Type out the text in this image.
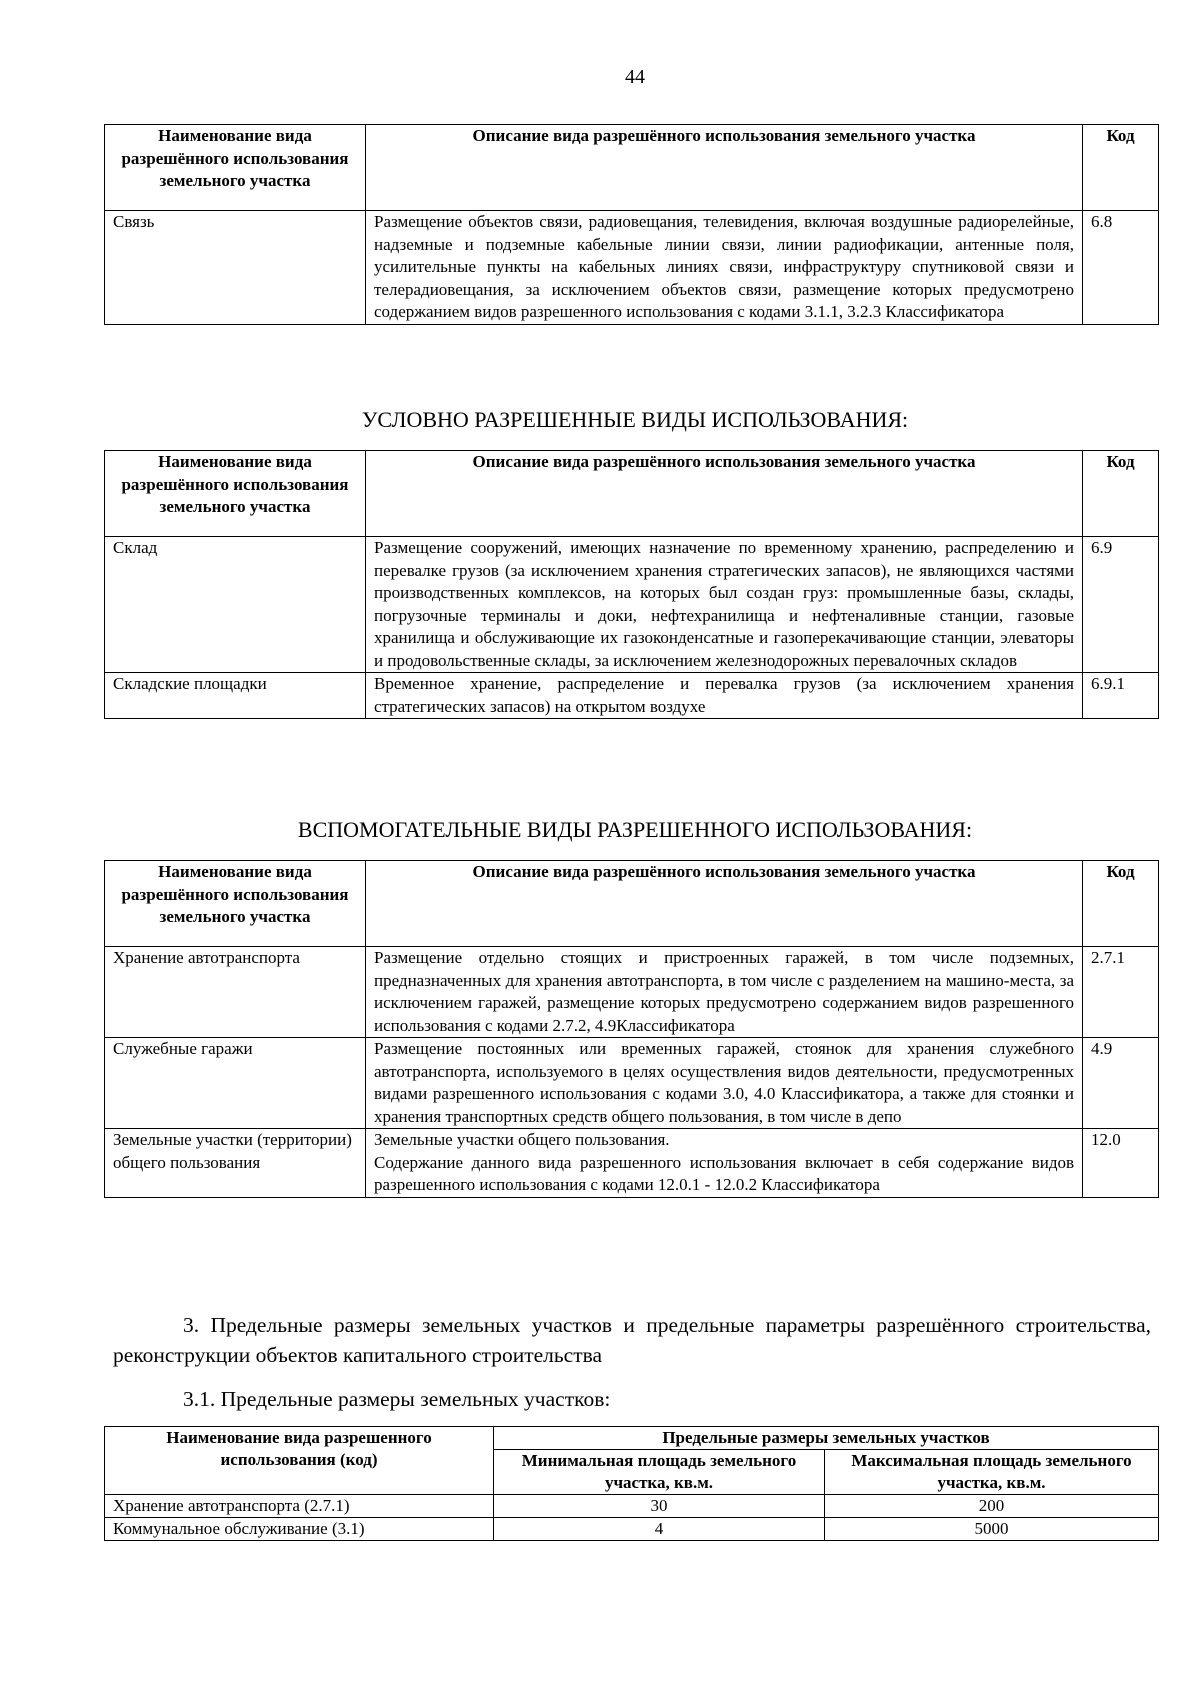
44
Наименование вида разрешённого использования земельного участка	Описание вида разрешённого использования земельного участка	Код
Связь	Размещение объектов связи, радиовещания, телевидения, включая воздушные радиорелейные, надземные и подземные кабельные линии связи, линии радиофикации, антенные поля, усилительные пункты на кабельных линиях связи, инфраструктуру спутниковой связи и телерадиовещания, за исключением объектов связи, размещение которых предусмотрено содержанием видов разрешенного использования с кодами 3.1.1, 3.2.3 Классификатора	6.8
УСЛОВНО РАЗРЕШЕННЫЕ ВИДЫ ИСПОЛЬЗОВАНИЯ:
Наименование вида разрешённого использования земельного участка	Описание вида разрешённого использования земельного участка	Код
Склад	Размещение сооружений, имеющих назначение по временному хранению, распределению и перевалке грузов (за исключением хранения стратегических запасов), не являющихся частями производственных комплексов, на которых был создан груз: промышленные базы, склады, погрузочные терминалы и доки, нефтехранилища и нефтеналивные станции, газовые хранилища и обслуживающие их газоконденсатные и газоперекачивающие станции, элеваторы и продовольственные склады, за исключением железнодорожных перевалочных складов	6.9
Складские площадки	Временное хранение, распределение и перевалка грузов (за исключением хранения стратегических запасов) на открытом воздухе	6.9.1
ВСПОМОГАТЕЛЬНЫЕ ВИДЫ РАЗРЕШЕННОГО ИСПОЛЬЗОВАНИЯ:
Наименование вида разрешённого использования земельного участка	Описание вида разрешённого использования земельного участка	Код
Хранение автотранспорта	Размещение отдельно стоящих и пристроенных гаражей, в том числе подземных, предназначенных для хранения автотранспорта, в том числе с разделением на машино-места, за исключением гаражей, размещение которых предусмотрено содержанием видов разрешенного использования с кодами 2.7.2, 4.9Классификатора	2.7.1
Служебные гаражи	Размещение постоянных или временных гаражей, стоянок для хранения служебного автотранспорта, используемого в целях осуществления видов деятельности, предусмотренных видами разрешенного использования с кодами 3.0, 4.0 Классификатора, а также для стоянки и хранения транспортных средств общего пользования, в том числе в депо	4.9
Земельные участки (территории) общего пользования	Земельные участки общего пользования.
Содержание данного вида разрешенного использования включает в себя содержание видов разрешенного использования с кодами 12.0.1 - 12.0.2 Классификатора	12.0
3. Предельные размеры земельных участков и предельные параметры разрешённого строительства, реконструкции объектов капитального строительства
3.1. Предельные размеры земельных участков:
Наименование вида разрешенного использования (код)	Предельные размеры земельных участков	
	Минимальная площадь земельного участка, кв.м.	Максимальная площадь земельного участка, кв.м.
Хранение автотранспорта (2.7.1)	30	200
Коммунальное обслуживание (3.1)	4	5000
